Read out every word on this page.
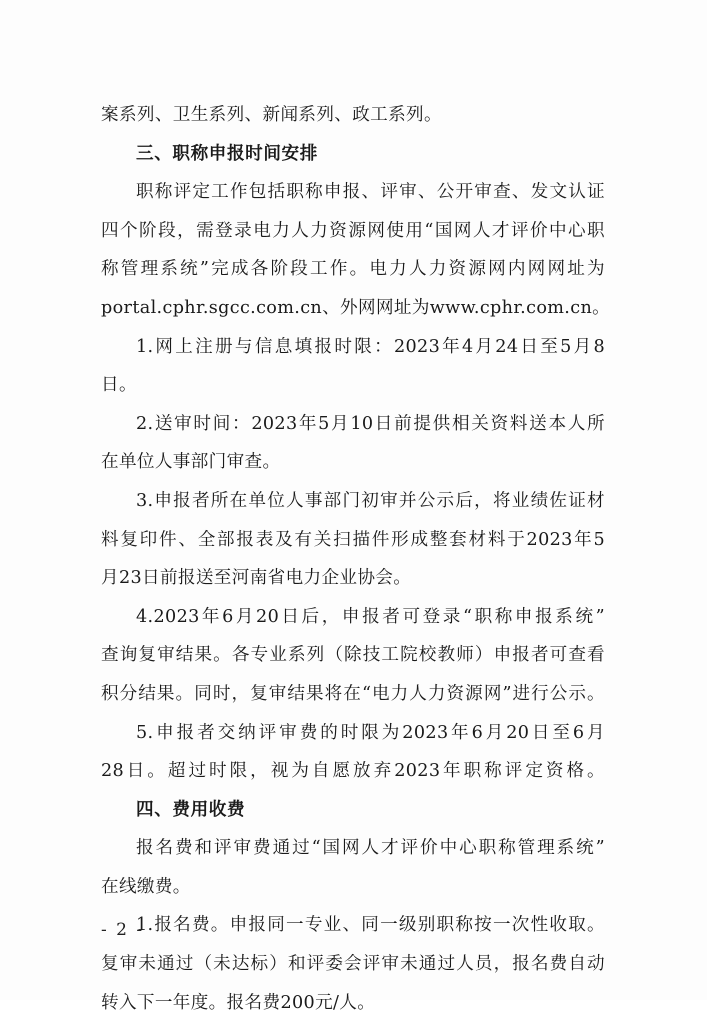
案系列、卫生系列、新闻系列、政工系列。
三、职称申报时间安排
职称评定工作包括职称申报、评审、公开审查、发文认证
四个阶段，需登录电力人力资源网使用“国网人才评价中心职
称管理系统”完成各阶段工作。电力人力资源网内网网址为
portal.cphr.sgcc.com.cn、外网网址为www.cphr.com.cn。
1.网上注册与信息填报时限：2023年4月24日至5月8
日。
2.送审时间：2023年5月10日前提供相关资料送本人所
在单位人事部门审查。
3.申报者所在单位人事部门初审并公示后，将业绩佐证材
料复印件、全部报表及有关扫描件形成整套材料于2023年5
月23日前报送至河南省电力企业协会。
4.2023年6月20日后，申报者可登录“职称申报系统”
查询复审结果。各专业系列（除技工院校教师）申报者可查看
积分结果。同时，复审结果将在“电力人力资源网”进行公示。
5.申报者交纳评审费的时限为2023年6月20日至6月
28日。超过时限，视为自愿放弃2023年职称评定资格。
四、费用收费
报名费和评审费通过“国网人才评价中心职称管理系统”
在线缴费。
1.报名费。申报同一专业、同一级别职称按一次性收取。
复审未通过（未达标）和评委会评审未通过人员，报名费自动
转入下一年度。报名费200元/人。
- 2 -
